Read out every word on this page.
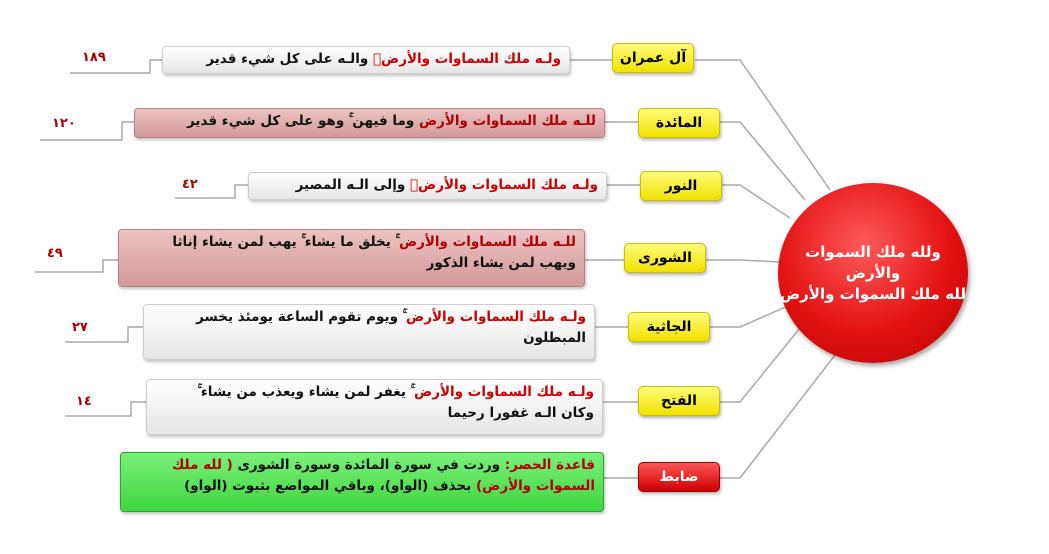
ولله ملك السموات والأرض
لله ملك السموات والأرض
آل عمران
ولـه ملك السماوات والأرضۗ والـه على كل شيء قدير
١٨٩
المائدة
للـه ملك السماوات والأرض وما فيهن ۚ وهو على كل شيء قدير
١٢٠
النور
ولـه ملك السماوات والأرضۖ وإلى الـه المصير
٤٢
الشورى
للـه ملك السماوات والأرض ۚ يخلق ما يشاء ۚ يهب لمن يشاء إناثا
ويهب لمن يشاء الذكور
٤٩
الجاثية
ولـه ملك السماوات والأرض ۚ ويوم تقوم الساعة يومئذ يخسر
المبطلون
٢٧
الفتح
ولـه ملك السماوات والأرض ۚ يغفر لمن يشاء ويعذب من يشاء ۚ
وكان الـه غفورا رحيما
١٤
ضابط
قاعدة الحصر: وردت في سورة المائدة وسورة الشورى ( لله ملك السموات والأرض) بحذف (الواو)، وباقي المواضع بثبوت (الواو)
